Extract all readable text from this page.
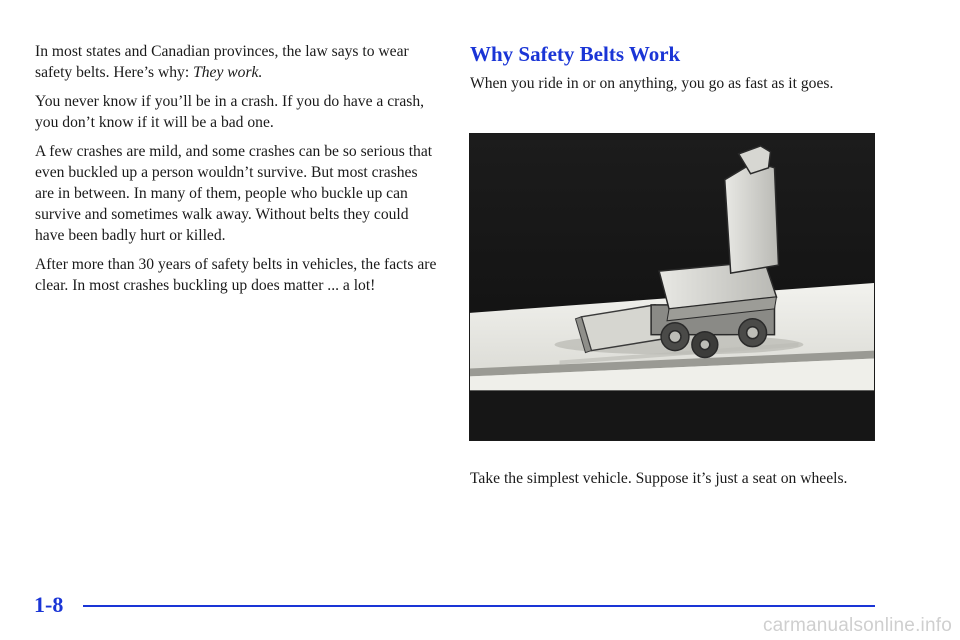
In most states and Canadian provinces, the law says to wear safety belts. Here’s why: They work.

You never know if you’ll be in a crash. If you do have a crash, you don’t know if it will be a bad one.

A few crashes are mild, and some crashes can be so serious that even buckled up a person wouldn’t survive. But most crashes are in between. In many of them, people who buckle up can survive and sometimes walk away. Without belts they could have been badly hurt or killed.

After more than 30 years of safety belts in vehicles, the facts are clear. In most crashes buckling up does matter ... a lot!

Why Safety Belts Work

When you ride in or on anything, you go as fast as it goes.

Take the simplest vehicle. Suppose it’s just a seat on wheels.

1-8
carmanualsonline.info
